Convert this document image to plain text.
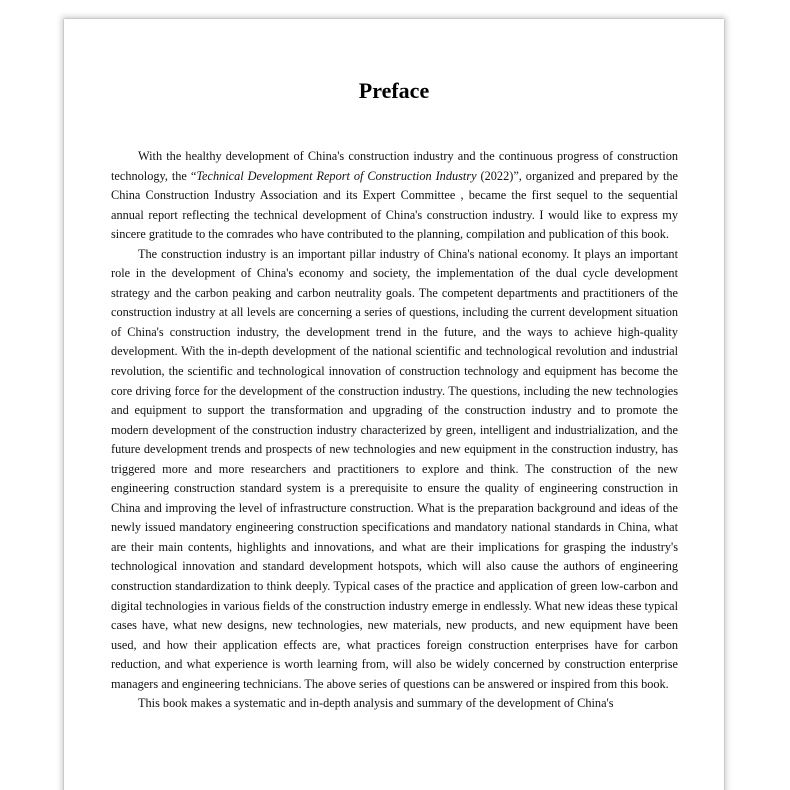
Preface

With the healthy development of China's construction industry and the continuous progress of construction technology, the “Technical Development Report of Construction Industry (2022)”, organized and prepared by the China Construction Industry Association and its Expert Committee , became the first sequel to the sequential annual report reflecting the technical development of China's construction industry. I would like to express my sincere gratitude to the comrades who have contributed to the planning, compilation and publication of this book.

The construction industry is an important pillar industry of China's national economy. It plays an important role in the development of China's economy and society, the implementation of the dual cycle development strategy and the carbon peaking and carbon neutrality goals. The competent departments and practitioners of the construction industry at all levels are concerning a series of questions, including the current development situation of China's construction industry, the development trend in the future, and the ways to achieve high-quality development. With the in-depth development of the national scientific and technological revolution and industrial revolution, the scientific and technological innovation of construction technology and equipment has become the core driving force for the development of the construction industry. The questions, including the new technologies and equipment to support the transformation and upgrading of the construction industry and to promote the modern development of the construction industry characterized by green, intelligent and industrialization, and the future development trends and prospects of new technologies and new equipment in the construction industry, has triggered more and more researchers and practitioners to explore and think. The construction of the new engineering construction standard system is a prerequisite to ensure the quality of engineering construction in China and improving the level of infrastructure construction. What is the preparation background and ideas of the newly issued mandatory engineering construction specifications and mandatory national standards in China, what are their main contents, highlights and innovations, and what are their implications for grasping the industry's technological innovation and standard development hotspots, which will also cause the authors of engineering construction standardization to think deeply. Typical cases of the practice and application of green low-carbon and digital technologies in various fields of the construction industry emerge in endlessly. What new ideas these typical cases have, what new designs, new technologies, new materials, new products, and new equipment have been used, and how their application effects are, what practices foreign construction enterprises have for carbon reduction, and what experience is worth learning from, will also be widely concerned by construction enterprise managers and engineering technicians. The above series of questions can be answered or inspired from this book.

This book makes a systematic and in-depth analysis and summary of the development of China's
